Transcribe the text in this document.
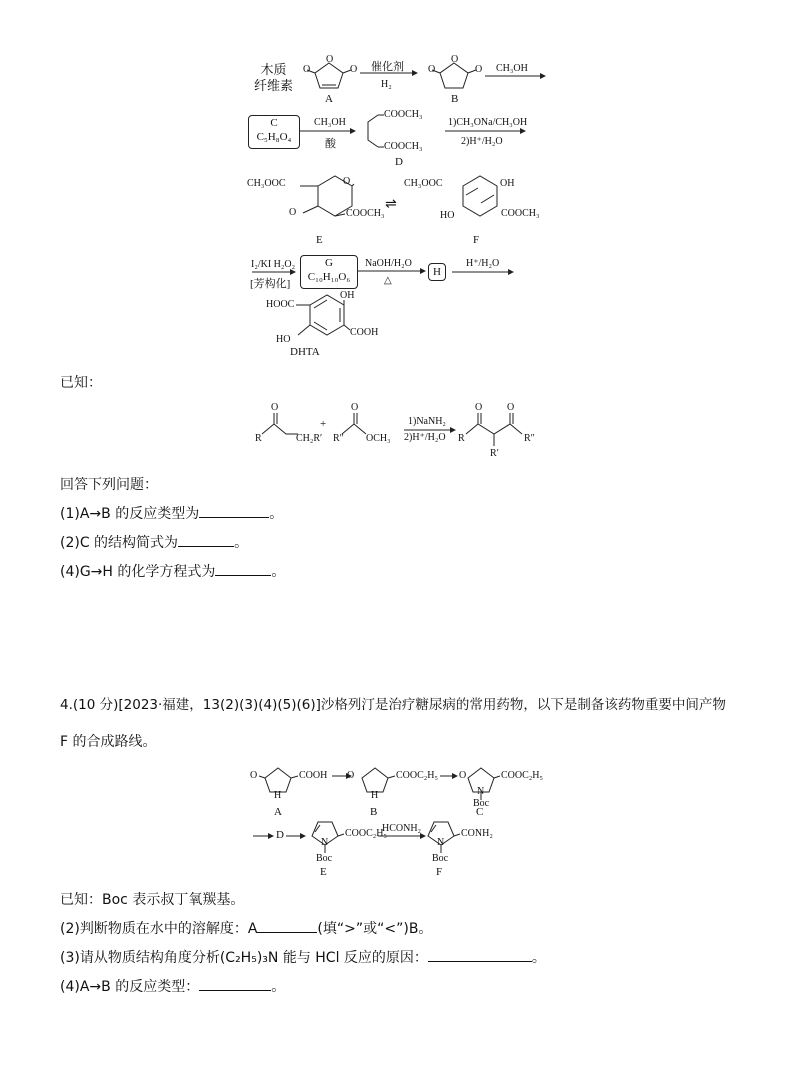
木质
纤维素
O
O
O
A
催化剂
H₂
O
O
O
B
CH₃OH
C
C₅H₈O₄
CH₃OH
酸
COOCH₃
COOCH₃
D
1)CH₃ONa/CH₃OH
2)H⁺/H₂O
CH₃OOC	O
O	COOCH₃
E
⇌
CH₃OOC	OH
HO	COOCH₃
F
I₂/KI H₂O₂
[芳构化]
G
C₁₀H₁₀O₆
NaOH/H₂O
△
H
H⁺/H₂O
HOOC
OH
HO
COOH
DHTA
已知：
O
R	CH₂R′
+
O
R″ OCH₃
1)NaNH₂
2)H⁺/H₂O
O O
R	R″
R′
回答下列问题：
(1)A→B 的反应类型为	。
(2)C 的结构简式为	。
(4)G→H 的化学方程式为	。
4.(10 分)[2023·福建，13(2)(3)(4)(5)(6)]沙格列汀是治疗糖尿病的常用药物，以下是制备该药物重要中间产物
F 的合成路线。
O
H
COOH
A
O
H
COOC₂H₅
B
O
N
COOC₂H₅
Boc
C
D	COOC₂H₅
N
Boc
E
HCONH₂	CONH₂
N
Boc
F
已知：Boc 表示叔丁氧羰基。
(2)判断物质在水中的溶解度：A	(填“>”或“<”)B。
(3)请从物质结构角度分析(C₂H₅)₃N 能与 HCl 反应的原因：	。
(4)A→B 的反应类型：	。
